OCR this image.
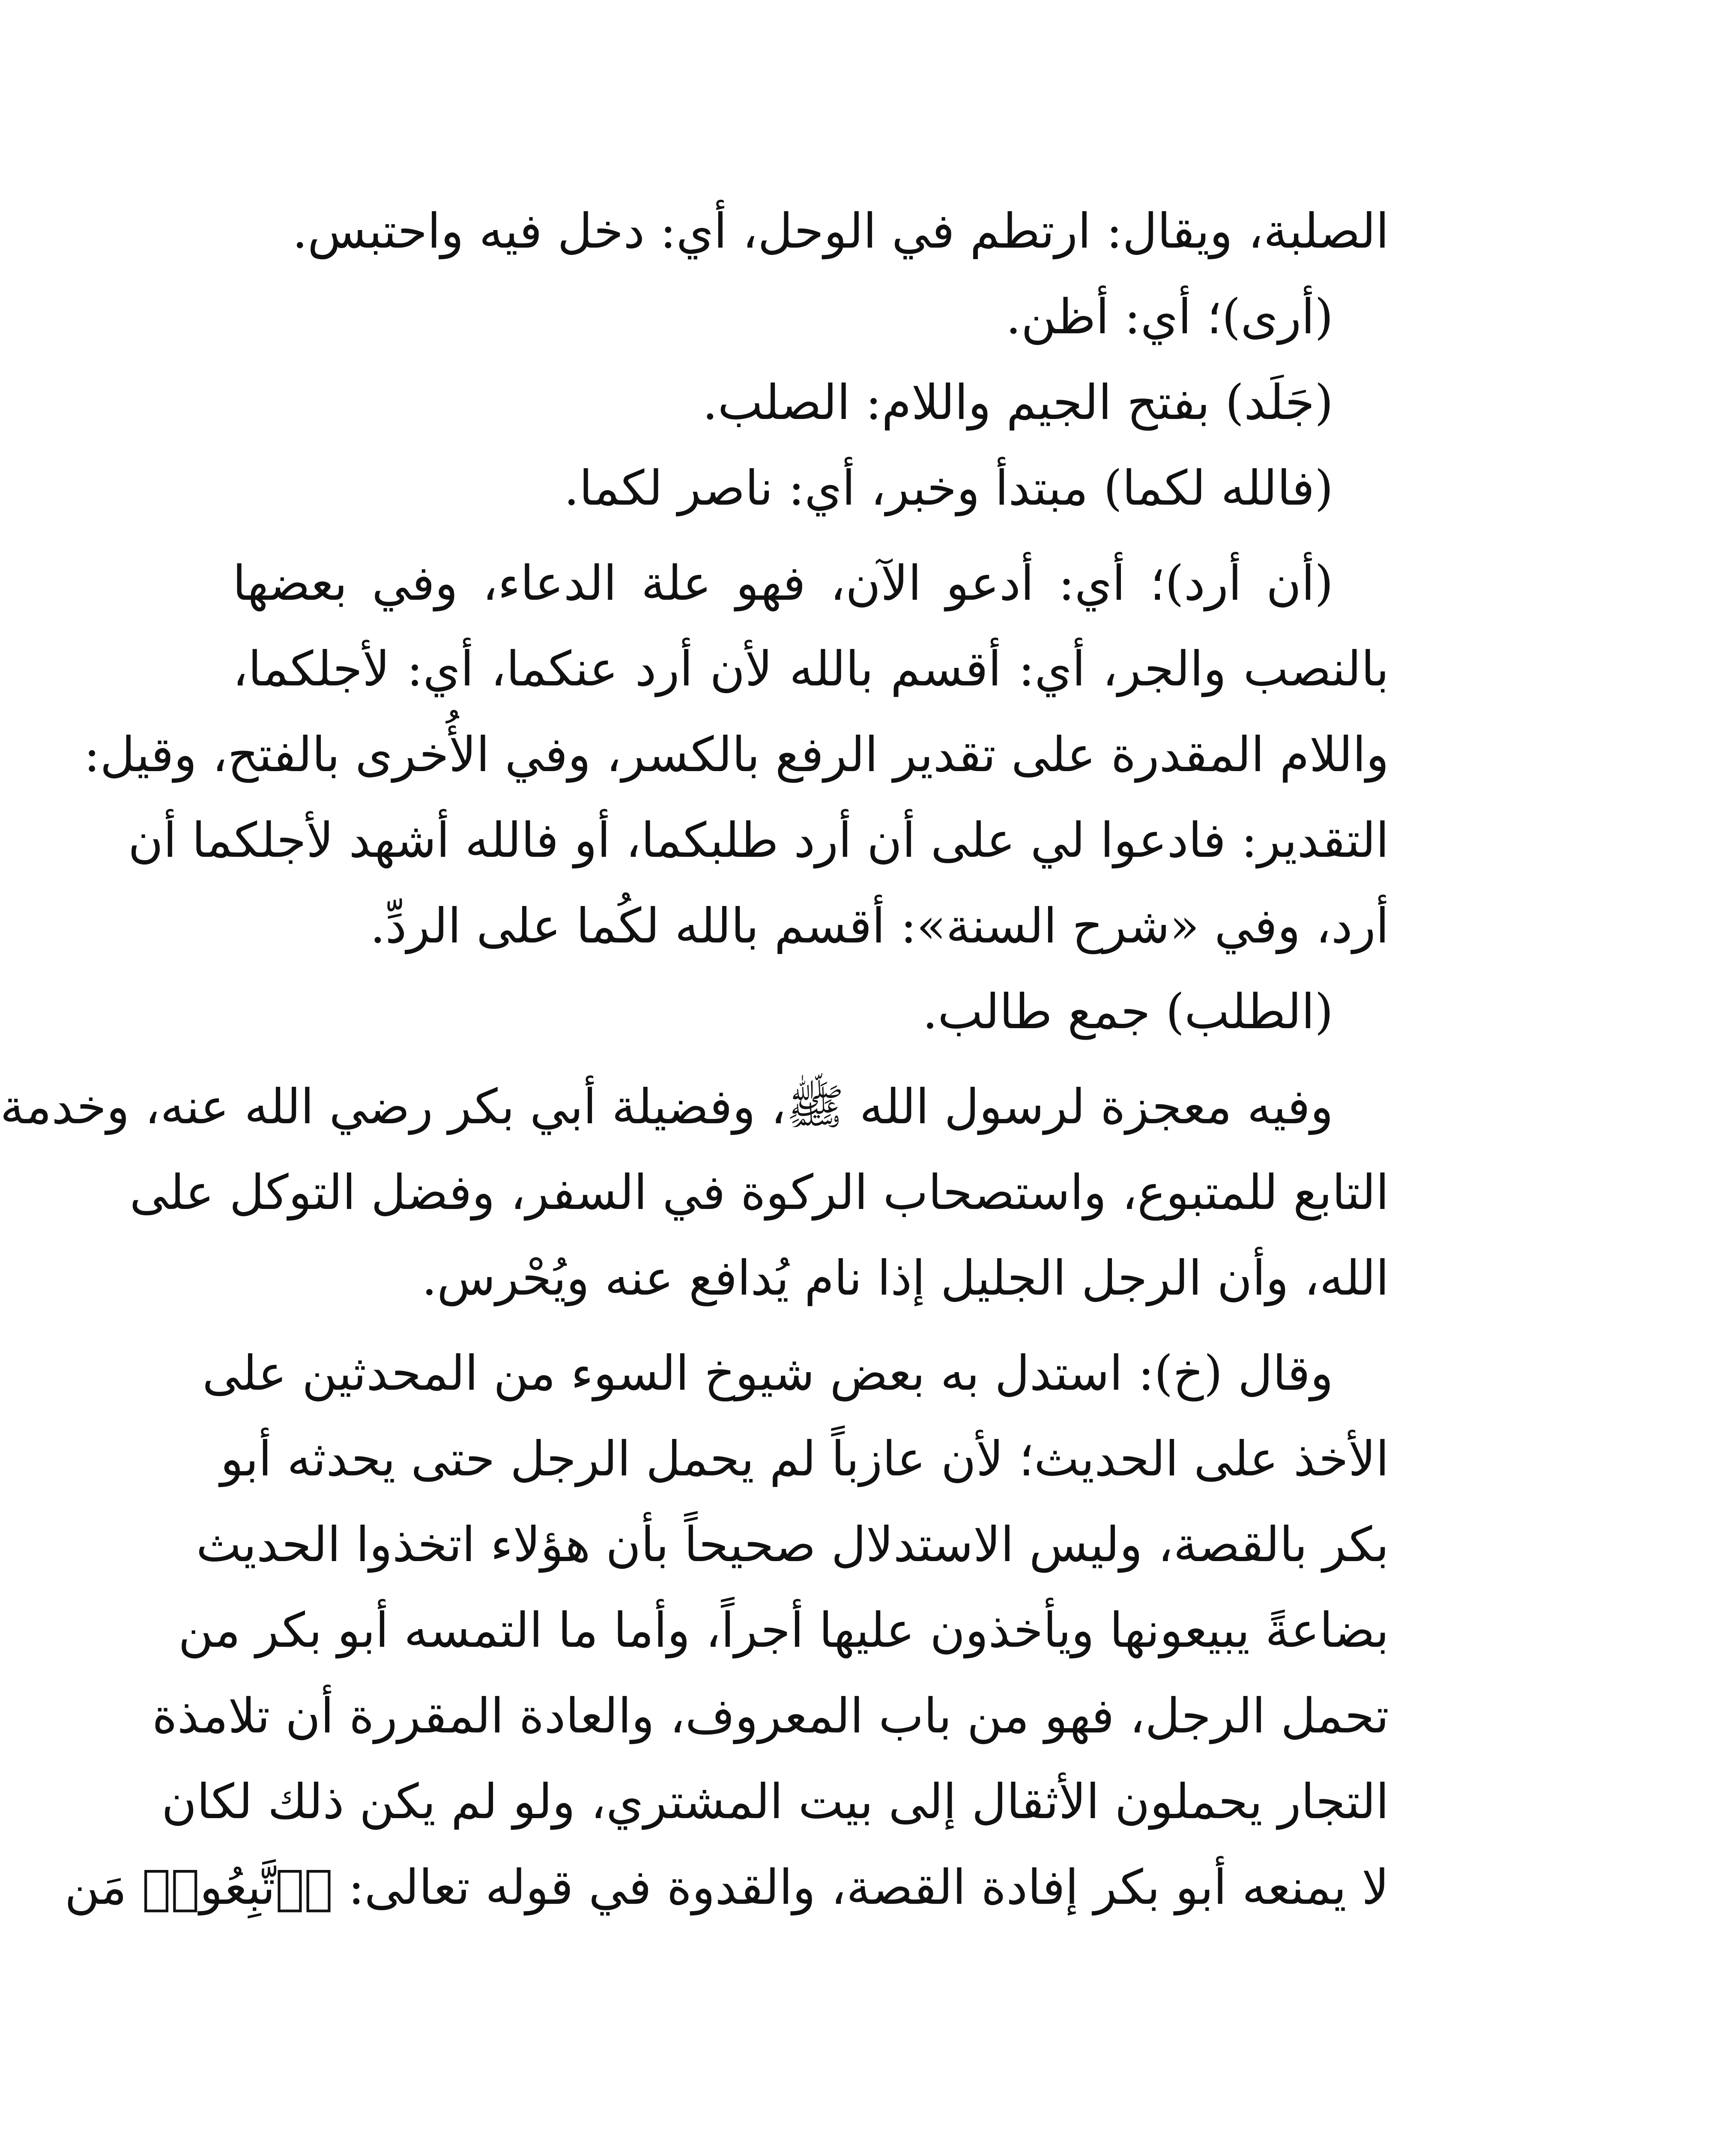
الصلبة، ويقال: ارتطم في الوحل، أي: دخل فيه واحتبس.
(أرى)؛ أي: أظن.
(جَلَد) بفتح الجيم واللام: الصلب.
(فالله لكما) مبتدأ وخبر، أي: ناصر لكما.
(أن أرد)؛ أي: أدعو الآن، فهو علة الدعاء، وفي بعضها
بالنصب والجر، أي: أقسم بالله لأن أرد عنكما، أي: لأجلكما،
واللام المقدرة على تقدير الرفع بالكسر، وفي الأُخرى بالفتح، وقيل:
التقدير: فادعوا لي على أن أرد طلبكما، أو فالله أشهد لأجلكما أن
أرد، وفي «شرح السنة»: أقسم بالله لكُما على الردِّ.
(الطلب) جمع طالب.
وفيه معجزة لرسول الله ﷺ، وفضيلة أبي بكر رضي الله عنه، وخدمة
التابع للمتبوع، واستصحاب الركوة في السفر، وفضل التوكل على
الله، وأن الرجل الجليل إذا نام يُدافع عنه ويُحْرس.
وقال (خ): استدل به بعض شيوخ السوء من المحدثين على
الأخذ على الحديث؛ لأن عازباً لم يحمل الرجل حتى يحدثه أبو
بكر بالقصة، وليس الاستدلال صحيحاً بأن هؤلاء اتخذوا الحديث
بضاعةً يبيعونها ويأخذون عليها أجراً، وأما ما التمسه أبو بكر من
تحمل الرجل، فهو من باب المعروف، والعادة المقررة أن تلامذة
التجار يحملون الأثقال إلى بيت المشتري، ولو لم يكن ذلك لكان
لا يمنعه أبو بكر إفادة القصة، والقدوة في قوله تعالى: ﴿ٱتَّبِعُوا۟ مَن
